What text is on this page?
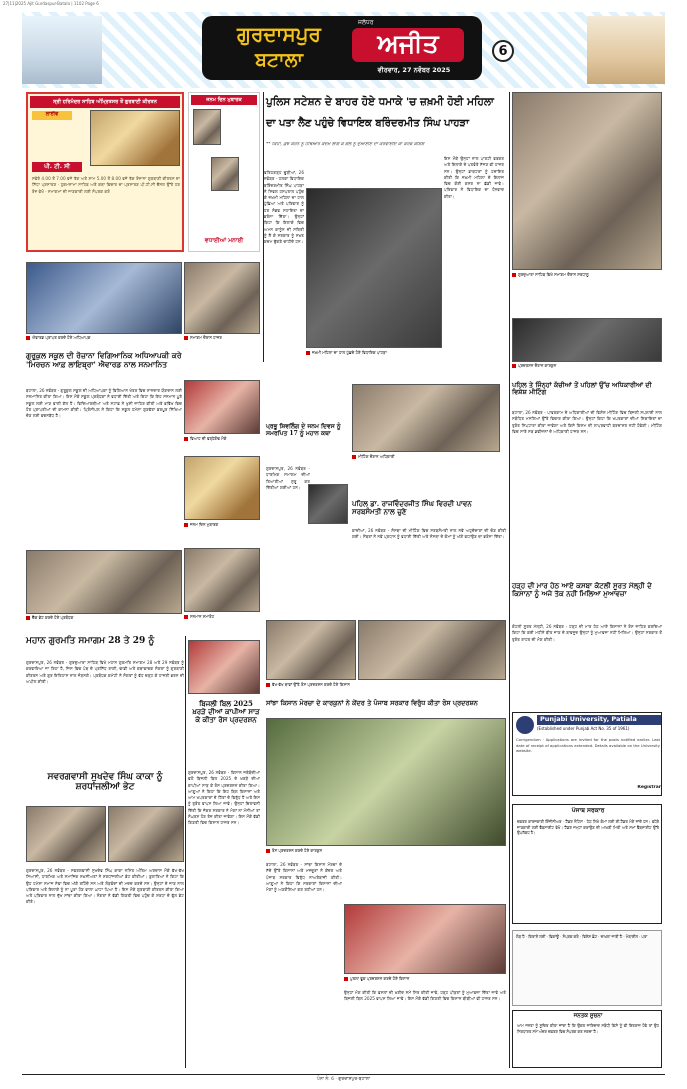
27|11|2025 Ajit Gurdaspur-Batala | 1102 Page 6
ਗੁਰਦਾਸਪੁਰ
ਬਟਾਲਾ
ਜਲੰਧਰ
ਅਜੀਤ
ਵੀਰਵਾਰ, 27 ਨਵੰਬਰ 2025
6
ਸ੍ਰੀ ਹਰਿਮੰਦਰ ਸਾਹਿਬ ਅੰਮ੍ਰਿਤਸਰ ਤੋਂ ਗੁਰਬਾਣੀ ਕੀਰਤਨ
ਲਾਈਵ
ਪੀ. ਟੀ. ਸੀ
ਸਵੇਰੇ 4.00 ਤੋਂ 7.00 ਵਜੇ ਤੱਕ ਅਤੇ ਸ਼ਾਮ 5.00 ਤੋਂ 8.00 ਵਜੇ ਤੱਕ ਰੋਜ਼ਾਨਾ ਗੁਰਬਾਣੀ ਕੀਰਤਨ ਦਾ ਸਿੱਧਾ ਪ੍ਰਸਾਰਣ · ਹੁਕਮਨਾਮਾ ਸਾਹਿਬ ਅਤੇ ਕਥਾ ਵਿਚਾਰ ਦਾ ਪ੍ਰਸਾਰਣ ਪੀ.ਟੀ.ਸੀ ਚੈਨਲ ਉੱਤੇ ਹਰ ਰੋਜ਼ ਵੇਖੋ · ਸਮਾਗਮਾਂ ਦੀ ਜਾਣਕਾਰੀ ਲਈ ਸੰਪਰਕ ਕਰੋ
ਜਨਮ ਦਿਨ ਮੁਬਾਰਕ
ਵਧਾਈਆਂ ਮਨਾਈ
ਪੁਲਿਸ ਸਟੇਸ਼ਨ ਦੇ ਬਾਹਰ ਹੋਏ ਧਮਾਕੇ 'ਚ ਜ਼ਖ਼ਮੀ ਹੋਈ ਮਹਿਲਾ
ਦਾ ਪਤਾ ਲੈਣ ਪਹੁੰਚੇ ਵਿਧਾਇਕ ਬਰਿੰਦਰਮੀਤ ਸਿੰਘ ਪਾਹੜਾ
** ਕਿਹਾ, ਕੁਝ ਕਰਨੇ ਨੂੰ ਹੱਥਿਆਰ ਕਦਮ ਲਾਗ ਕੋ ਗੋਲ ਨੂੰ ਦੁਆਈਏ ਦਾ ਕਰਵਾਈਏ ਕਾ ਕਰਵੇ ਕੋਸ਼ਿਸ਼
ਫਤਿਹਗੜ੍ਹ ਚੂੜੀਆਂ, 26 ਨਵੰਬਰ - ਹਲਕਾ ਵਿਧਾਇਕ ਬਰਿੰਦਰਮੀਤ ਸਿੰਘ ਪਾਹੜਾ ਨੇ ਸਿਵਲ ਹਸਪਤਾਲ ਪਹੁੰਚ ਕੇ ਜ਼ਖ਼ਮੀ ਮਹਿਲਾ ਦਾ ਹਾਲ ਪੁੱਛਿਆ ਅਤੇ ਪਰਿਵਾਰ ਨੂੰ ਹਰ ਸੰਭਵ ਸਹਾਇਤਾ ਦਾ ਭਰੋਸਾ ਦਿੱਤਾ। ਉਨ੍ਹਾਂ ਕਿਹਾ ਕਿ ਇਲਾਕੇ ਵਿਚ ਅਮਨ ਕਾਨੂੰਨ ਦੀ ਸਥਿਤੀ ਨੂੰ ਲੈ ਕੇ ਸਰਕਾਰ ਨੂੰ ਸਖ਼ਤ ਕਦਮ ਚੁੱਕਣੇ ਚਾਹੀਦੇ ਹਨ।
ਇਸ ਮੌਕੇ ਉਨ੍ਹਾਂ ਨਾਲ ਪਾਰਟੀ ਵਰਕਰ ਅਤੇ ਇਲਾਕੇ ਦੇ ਪਤਵੰਤੇ ਸੱਜਣ ਵੀ ਹਾਜ਼ਰ ਸਨ। ਉਨ੍ਹਾਂ ਡਾਕਟਰਾਂ ਨੂੰ ਹਦਾਇਤ ਕੀਤੀ ਕਿ ਜ਼ਖ਼ਮੀ ਮਹਿਲਾ ਦੇ ਇਲਾਜ ਵਿਚ ਕੋਈ ਕਸਰ ਨਾ ਛੱਡੀ ਜਾਵੇ। ਪਰਿਵਾਰ ਨੇ ਵਿਧਾਇਕ ਦਾ ਧੰਨਵਾਦ ਕੀਤਾ।
ਜ਼ਖ਼ਮੀ ਮਹਿਲਾ ਦਾ ਹਾਲ ਪੁੱਛਦੇ ਹੋਏ ਵਿਧਾਇਕ ਪਾਹੜਾ
ਗੁਰਦੁਆਰਾ ਸਾਹਿਬ ਵਿਖੇ ਸਮਾਗਮ ਦੌਰਾਨ ਸ਼ਰਧਾਲੂ
ਪ੍ਰਦਰਸ਼ਨ ਦੌਰਾਨ ਕਾਰਕੁਨ
ਐਵਾਰਡ ਪ੍ਰਾਪਤ ਕਰਦੇ ਹੋਏ ਅਧਿਆਪਕ	ਸਮਾਗਮ ਦੌਰਾਨ ਹਾਜ਼ਰ
ਗੁਰੂਕੁਲ ਸਕੂਲ ਦੀ ਰੋਜ਼ਾਨਾ ਵਿਗਿਆਨਿਕ ਅਧਿਆਪਕੀ ਕਰੇ 'ਮਿਰਚਨ ਆਫ਼ ਲਾਇਬ੍ਰਾ' ਐਵਾਰਡ ਨਾਲ ਸਨਮਾਨਿਤ
ਬਟਾਲਾ, 26 ਨਵੰਬਰ - ਗੁਰੂਕੁਲ ਸਕੂਲ ਦੀ ਅਧਿਆਪਕਾ ਨੂੰ ਵਿਗਿਆਨ ਖੇਤਰ ਵਿਚ ਸ਼ਾਨਦਾਰ ਯੋਗਦਾਨ ਲਈ ਸਨਮਾਨਿਤ ਕੀਤਾ ਗਿਆ। ਇਸ ਮੌਕੇ ਸਕੂਲ ਪ੍ਰਬੰਧਕਾਂ ਨੇ ਵਧਾਈ ਦਿੱਤੀ ਅਤੇ ਕਿਹਾ ਕਿ ਇਹ ਸਨਮਾਨ ਪੂਰੇ ਸਕੂਲ ਲਈ ਮਾਣ ਵਾਲੀ ਗੱਲ ਹੈ। ਵਿਦਿਆਰਥੀਆਂ ਅਤੇ ਸਟਾਫ਼ ਨੇ ਖੁਸ਼ੀ ਜ਼ਾਹਿਰ ਕੀਤੀ ਅਤੇ ਭਵਿੱਖ ਵਿਚ ਹੋਰ ਪ੍ਰਾਪਤੀਆਂ ਦੀ ਕਾਮਨਾ ਕੀਤੀ। ਪ੍ਰਿੰਸੀਪਲ ਨੇ ਕਿਹਾ ਕਿ ਸਕੂਲ ਹਮੇਸ਼ਾ ਗੁਣਵੱਤਾ ਭਰਪੂਰ ਸਿੱਖਿਆ ਦੇਣ ਲਈ ਵਚਨਬੱਧ ਹੈ।
ਚੈੱਕ ਭੇਟ ਕਰਦੇ ਹੋਏ ਪ੍ਰਬੰਧਕ
ਵਿਆਹ ਦੀ ਵਰ੍ਹੇਗੰਢ ਮੌਕੇ
ਜਨਮ ਦਿਨ ਮੁਬਾਰਕ
ਸਨਮਾਨ ਸਮਾਰੋਹ
ਪ੍ਰਭੂ ਸ਼ਿਵਲਿੰਗ ਦੇ ਜਨਮ ਦਿਵਸ ਨੂੰ ਸਮਰਪਿਤ 17 ਨੂੰ ਮਹਾਨ ਕਥਾ
ਗੁਰਦਾਸਪੁਰ, 26 ਨਵੰਬਰ - ਧਾਰਮਿਕ ਸਮਾਗਮ ਦੀਆਂ ਤਿਆਰੀਆਂ ਸ਼ੁਰੂ ਕਰ ਦਿੱਤੀਆਂ ਗਈਆਂ ਹਨ।
ਮੀਟਿੰਗ ਦੌਰਾਨ ਅਧਿਕਾਰੀ
ਪਹਿਲ ਡਾ. ਰਾਜਵਿੰਦਰਜੀਤ ਸਿੰਘ ਵਿਰਦੀ ਪਾਵਨ ਸਰਬਸੰਮਤੀ ਨਾਲ ਚੁਣੇ
ਕਾਦੀਆਂ, 26 ਨਵੰਬਰ - ਸੰਸਥਾ ਦੀ ਮੀਟਿੰਗ ਵਿਚ ਸਰਬਸੰਮਤੀ ਨਾਲ ਨਵੇਂ ਅਹੁਦੇਦਾਰਾਂ ਦੀ ਚੋਣ ਕੀਤੀ ਗਈ। ਮੈਂਬਰਾਂ ਨੇ ਨਵੇਂ ਪ੍ਰਧਾਨ ਨੂੰ ਵਧਾਈ ਦਿੱਤੀ ਅਤੇ ਸੰਸਥਾ ਦੇ ਕੰਮਾਂ ਨੂੰ ਅੱਗੇ ਵਧਾਉਣ ਦਾ ਭਰੋਸਾ ਦਿੱਤਾ।
ਪਹਿਲ ਤੇ ਜਿੰਨ੍ਹਾਂ ਕੱਚੀਆਂ ਤੋਂ ਪਹਿਲਾਂ ਉੱਚ ਅਧਿਕਾਰੀਆਂ ਦੀ ਵਿਸ਼ੇਸ਼ ਮੀਟਿੰਗ
ਬਟਾਲਾ, 26 ਨਵੰਬਰ - ਪਾਵਰਕਾਮ ਦੇ ਅਧਿਕਾਰੀਆਂ ਦੀ ਵਿਸ਼ੇਸ਼ ਮੀਟਿੰਗ ਵਿਚ ਬਿਜਲੀ ਸਪਲਾਈ ਨਾਲ ਸਬੰਧਿਤ ਮਸਲਿਆਂ ਉੱਤੇ ਵਿਚਾਰ ਕੀਤਾ ਗਿਆ। ਉਨ੍ਹਾਂ ਕਿਹਾ ਕਿ ਖਪਤਕਾਰਾਂ ਦੀਆਂ ਸ਼ਿਕਾਇਤਾਂ ਦਾ ਤੁਰੰਤ ਨਿਪਟਾਰਾ ਕੀਤਾ ਜਾਵੇਗਾ ਅਤੇ ਕਿਸੇ ਕਿਸਮ ਦੀ ਲਾਪਰਵਾਹੀ ਬਰਦਾਸ਼ਤ ਨਹੀਂ ਹੋਵੇਗੀ। ਮੀਟਿੰਗ ਵਿਚ ਸਾਰੇ ਸਬ ਡਵੀਜ਼ਨਾਂ ਦੇ ਅਧਿਕਾਰੀ ਹਾਜ਼ਰ ਸਨ।
ਹੜ੍ਹ ਦੀ ਮਾਰ ਹੇਠ ਆਏ ਕਸਬਾ ਕੋਟਲੀ ਸੂਰਤ ਮੱਲ੍ਹੀ ਦੇ ਕਿਸਾਨਾਂ ਨੂੰ ਅਜੇ ਤੱਕ ਨਹੀਂ ਮਿਲਿਆ ਮੁਆਵਜ਼ਾ
ਕੋਟਲੀ ਸੂਰਤ ਮੱਲ੍ਹੀ, 26 ਨਵੰਬਰ - ਹੜ੍ਹ ਦੀ ਮਾਰ ਹੇਠ ਆਏ ਕਿਸਾਨਾਂ ਨੇ ਰੋਸ ਜ਼ਾਹਿਰ ਕਰਦਿਆਂ ਕਿਹਾ ਕਿ ਕਈ ਮਹੀਨੇ ਬੀਤ ਜਾਣ ਦੇ ਬਾਵਜੂਦ ਉਨ੍ਹਾਂ ਨੂੰ ਮੁਆਵਜ਼ਾ ਨਹੀਂ ਮਿਲਿਆ। ਉਨ੍ਹਾਂ ਸਰਕਾਰ ਤੋਂ ਤੁਰੰਤ ਰਾਹਤ ਦੀ ਮੰਗ ਕੀਤੀ।
ਮਹਾਨ ਗੁਰਮਤਿ ਸਮਾਗਮ 28 ਤੇ 29 ਨੂੰ
ਗੁਰਦਾਸਪੁਰ, 26 ਨਵੰਬਰ - ਗੁਰਦੁਆਰਾ ਸਾਹਿਬ ਵਿਖੇ ਮਹਾਨ ਗੁਰਮਤਿ ਸਮਾਗਮ 28 ਅਤੇ 29 ਨਵੰਬਰ ਨੂੰ ਕਰਵਾਇਆ ਜਾ ਰਿਹਾ ਹੈ, ਜਿਸ ਵਿਚ ਪੰਥ ਦੇ ਪ੍ਰਸਿੱਧ ਰਾਗੀ, ਢਾਡੀ ਅਤੇ ਕਥਾਵਾਚਕ ਸੰਗਤਾਂ ਨੂੰ ਗੁਰਬਾਣੀ ਕੀਰਤਨ ਅਤੇ ਗੁਰ ਇਤਿਹਾਸ ਨਾਲ ਜੋੜਨਗੇ। ਪ੍ਰਬੰਧਕ ਕਮੇਟੀ ਨੇ ਸੰਗਤਾਂ ਨੂੰ ਵੱਧ ਚੜ੍ਹ ਕੇ ਹਾਜ਼ਰੀ ਭਰਨ ਦੀ ਅਪੀਲ ਕੀਤੀ।
ਬਿਜਲੀ ਬਿਲ 2025 ਖ਼ਰੜੇ ਦੀਆਂ ਕਾਪੀਆਂ ਸਾੜ ਕੇ ਕੀਤਾ ਰੋਸ ਪ੍ਰਦਰਸ਼ਨ
ਸਵਰਗਵਾਸੀ ਸੁਖਦੇਵ ਸਿੰਘ ਕਾਕਾ ਨੂੰ ਸ਼ਰਧਾਂਜਲੀਆਂ ਭੇਟ
ਗੁਰਦਾਸਪੁਰ, 26 ਨਵੰਬਰ - ਸਵਰਗਵਾਸੀ ਸੁਖਦੇਵ ਸਿੰਘ ਕਾਕਾ ਨਮਿੱਤ ਅੰਤਿਮ ਅਰਦਾਸ ਮੌਕੇ ਵੱਖ-ਵੱਖ ਸਿਆਸੀ, ਧਾਰਮਿਕ ਅਤੇ ਸਮਾਜਿਕ ਸ਼ਖ਼ਸੀਅਤਾਂ ਨੇ ਸ਼ਰਧਾਂਜਲੀਆਂ ਭੇਟ ਕੀਤੀਆਂ। ਬੁਲਾਰਿਆਂ ਨੇ ਕਿਹਾ ਕਿ ਉਹ ਹਮੇਸ਼ਾ ਸਮਾਜ ਸੇਵਾ ਵਿਚ ਅੱਗੇ ਰਹਿੰਦੇ ਸਨ ਅਤੇ ਲੋੜਵੰਦਾਂ ਦੀ ਮਦਦ ਕਰਦੇ ਸਨ। ਉਨ੍ਹਾਂ ਦੇ ਜਾਣ ਨਾਲ ਪਰਿਵਾਰ ਅਤੇ ਇਲਾਕੇ ਨੂੰ ਨਾ ਪੂਰਾ ਹੋਣ ਵਾਲਾ ਘਾਟਾ ਪਿਆ ਹੈ। ਇਸ ਮੌਕੇ ਗੁਰਬਾਣੀ ਕੀਰਤਨ ਕੀਤਾ ਗਿਆ ਅਤੇ ਪਰਿਵਾਰ ਨਾਲ ਦੁੱਖ ਸਾਂਝਾ ਕੀਤਾ ਗਿਆ। ਸੰਗਤਾਂ ਨੇ ਵੱਡੀ ਗਿਣਤੀ ਵਿਚ ਪਹੁੰਚ ਕੇ ਸ਼ਰਧਾ ਦੇ ਫੁੱਲ ਭੇਟ ਕੀਤੇ।
ਗੁਰਦਾਸਪੁਰ, 26 ਨਵੰਬਰ - ਕਿਸਾਨ ਜਥੇਬੰਦੀਆਂ ਵਲੋਂ ਬਿਜਲੀ ਬਿਲ 2025 ਦੇ ਖ਼ਰੜੇ ਦੀਆਂ ਕਾਪੀਆਂ ਸਾੜ ਕੇ ਰੋਸ ਪ੍ਰਦਰਸ਼ਨ ਕੀਤਾ ਗਿਆ। ਆਗੂਆਂ ਨੇ ਕਿਹਾ ਕਿ ਇਹ ਬਿਲ ਕਿਸਾਨਾਂ ਅਤੇ ਆਮ ਖਪਤਕਾਰਾਂ ਦੇ ਹਿੱਤਾਂ ਦੇ ਵਿਰੁੱਧ ਹੈ ਅਤੇ ਇਸ ਨੂੰ ਤੁਰੰਤ ਵਾਪਸ ਲਿਆ ਜਾਵੇ। ਉਨ੍ਹਾਂ ਚਿਤਾਵਨੀ ਦਿੱਤੀ ਕਿ ਜੇਕਰ ਸਰਕਾਰ ਨੇ ਮੰਗਾਂ ਨਾ ਮੰਨੀਆਂ ਤਾਂ ਸੰਘਰਸ਼ ਹੋਰ ਤੇਜ਼ ਕੀਤਾ ਜਾਵੇਗਾ। ਇਸ ਮੌਕੇ ਵੱਡੀ ਗਿਣਤੀ ਵਿਚ ਕਿਸਾਨ ਹਾਜ਼ਰ ਸਨ।
ਵੱਖ-ਵੱਖ ਥਾਵਾਂ ਉੱਤੇ ਰੋਸ ਪ੍ਰਦਰਸ਼ਨ ਕਰਦੇ ਹੋਏ ਕਿਸਾਨ
ਸਾਂਝਾ ਕਿਸਾਨ ਮੋਰਚਾ ਦੇ ਕਾਰਕੁਨਾਂ ਨੇ ਕੇਂਦਰ ਤੇ ਪੰਜਾਬ ਸਰਕਾਰ ਵਿਰੁੱਧ ਕੀਤਾ ਰੋਸ ਪ੍ਰਦਰਸ਼ਨ
ਰੋਸ ਪ੍ਰਦਰਸ਼ਨ ਕਰਦੇ ਹੋਏ ਕਾਰਕੁਨ
ਬਟਾਲਾ, 26 ਨਵੰਬਰ - ਸਾਂਝਾ ਕਿਸਾਨ ਮੋਰਚਾ ਦੇ ਸੱਦੇ ਉੱਤੇ ਕਿਸਾਨਾਂ ਅਤੇ ਮਜ਼ਦੂਰਾਂ ਨੇ ਕੇਂਦਰ ਅਤੇ ਪੰਜਾਬ ਸਰਕਾਰ ਵਿਰੁੱਧ ਨਾਅਰੇਬਾਜ਼ੀ ਕੀਤੀ। ਆਗੂਆਂ ਨੇ ਕਿਹਾ ਕਿ ਸਰਕਾਰਾਂ ਕਿਸਾਨਾਂ ਦੀਆਂ ਮੰਗਾਂ ਨੂੰ ਅਣਗੌਲਿਆ ਕਰ ਰਹੀਆਂ ਹਨ।
ਪੁਤਲਾ ਫੂਕ ਪ੍ਰਦਰਸ਼ਨ ਕਰਦੇ ਹੋਏ ਕਿਸਾਨ
ਉਨ੍ਹਾਂ ਮੰਗ ਕੀਤੀ ਕਿ ਫ਼ਸਲਾਂ ਦੀ ਖ਼ਰੀਦ ਸਮੇਂ ਸਿਰ ਕੀਤੀ ਜਾਵੇ, ਹੜ੍ਹ ਪੀੜਤਾਂ ਨੂੰ ਮੁਆਵਜ਼ਾ ਦਿੱਤਾ ਜਾਵੇ ਅਤੇ ਬਿਜਲੀ ਬਿਲ 2025 ਵਾਪਸ ਲਿਆ ਜਾਵੇ। ਇਸ ਮੌਕੇ ਵੱਡੀ ਗਿਣਤੀ ਵਿਚ ਕਿਸਾਨ ਬੀਬੀਆਂ ਵੀ ਹਾਜ਼ਰ ਸਨ।
Punjabi University, Patiala
(Established under Punjab Act No. 35 of 1961)
Corrigendum · Applications are invited for the posts notified earlier. Last date of receipt of applications extended. Details available on the University website.
Registrar
ਪੰਜਾਬ ਸਰਕਾਰ
ਦਫ਼ਤਰ ਕਾਰਜਕਾਰੀ ਇੰਜੀਨੀਅਰ · ਟੈਂਡਰ ਨੋਟਿਸ · ਹੇਠ ਲਿਖੇ ਕੰਮਾਂ ਲਈ ਈ-ਟੈਂਡਰ ਮੰਗੇ ਜਾਂਦੇ ਹਨ। ਵਧੇਰੇ ਜਾਣਕਾਰੀ ਲਈ ਵੈੱਬਸਾਈਟ ਵੇਖੋ। ਟੈਂਡਰ ਜਮ੍ਹਾਂ ਕਰਾਉਣ ਦੀ ਆਖ਼ਰੀ ਮਿਤੀ ਅਤੇ ਸਮਾਂ ਵੈੱਬਸਾਈਟ ਉੱਤੇ ਉਪਲੱਬਧ ਹੈ।
ਜਨਤਕ ਸੂਚਨਾ
ਆਮ ਜਨਤਾ ਨੂੰ ਸੂਚਿਤ ਕੀਤਾ ਜਾਂਦਾ ਹੈ ਕਿ ਉਕਤ ਜਾਇਦਾਦ ਸਬੰਧੀ ਕਿਸੇ ਨੂੰ ਵੀ ਇਤਰਾਜ਼ ਹੋਵੇ ਤਾਂ ਉਹ ਨਿਰਧਾਰਤ ਸਮੇਂ ਅੰਦਰ ਦਫ਼ਤਰ ਵਿਚ ਸੰਪਰਕ ਕਰ ਸਕਦਾ ਹੈ।
ਲੋੜ ਹੈ · ਕਿਰਾਏ ਲਈ · ਵਿਕਾਊ · ਸੰਪਰਕ ਕਰੋ · ਵਿਸ਼ੇਸ਼ ਛੋਟ · ਦਾਖ਼ਲਾ ਜਾਰੀ ਹੈ · ਮੋਬਾਈਲ · ਪਤਾ
ਪੰਨਾ ਨੰ: 6 · ਗੁਰਦਾਸਪੁਰ-ਬਟਾਲਾ
